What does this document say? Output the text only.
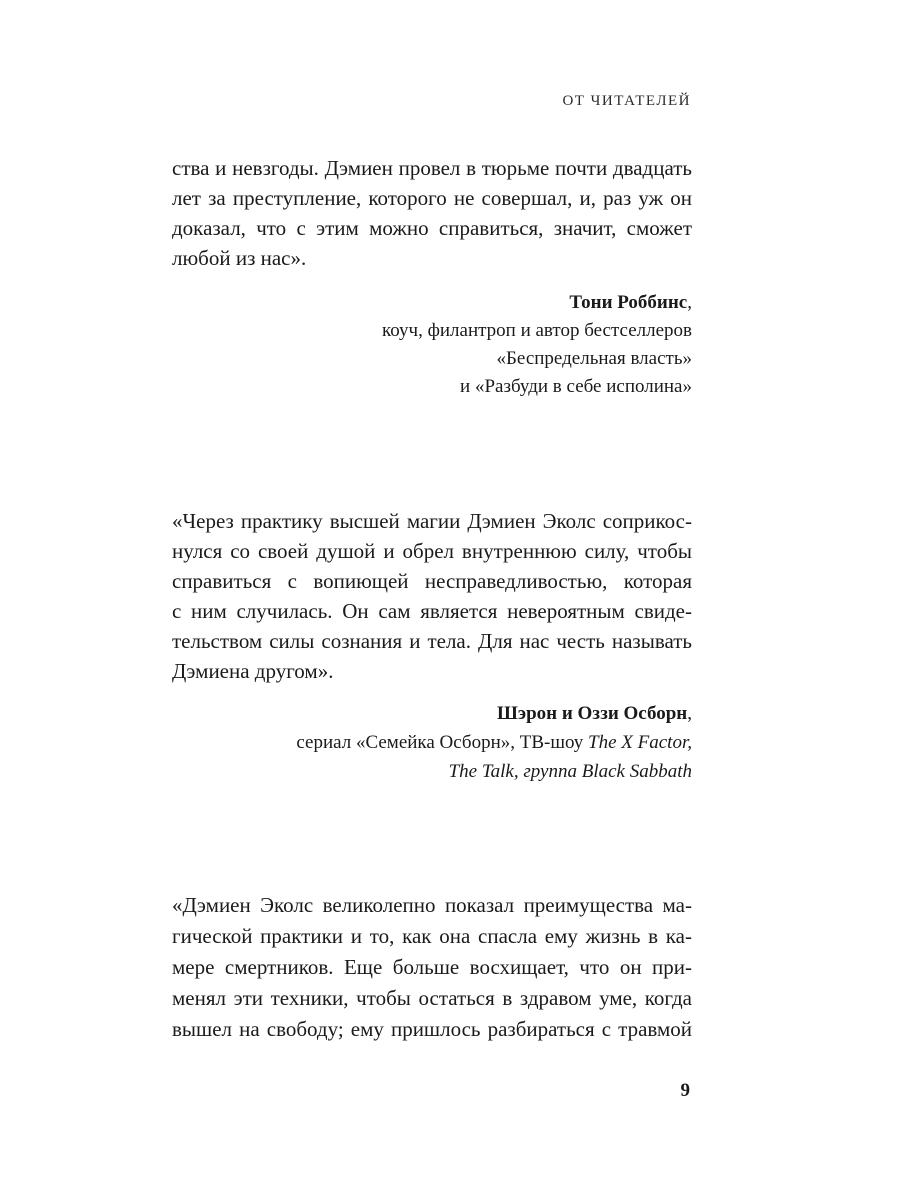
ОТ ЧИТАТЕЛЕЙ
ства и невзгоды. Дэмиен провел в тюрьме почти двадцать
лет за преступление, которого не совершал, и, раз уж он
доказал, что с этим можно справиться, значит, сможет
любой из нас».
Тони Роббинс,
коуч, филантроп и автор бестселлеров
«Беспредельная власть»
и «Разбуди в себе исполина»
«Через практику высшей магии Дэмиен Эколс соприкос-
нулся со своей душой и обрел внутреннюю силу, чтобы
справиться с вопиющей несправедливостью, которая
с ним случилась. Он сам является невероятным свиде-
тельством силы сознания и тела. Для нас честь называть
Дэмиена другом».
Шэрон и Оззи Осборн,
сериал «Семейка Осборн», ТВ-шоу The X Factor,
The Talk, группа Black Sabbath
«Дэмиен Эколс великолепно показал преимущества ма-
гической практики и то, как она спасла ему жизнь в ка-
мере смертников. Еще больше восхищает, что он при-
менял эти техники, чтобы остаться в здравом уме, когда
вышел на свободу; ему пришлось разбираться с травмой
9
